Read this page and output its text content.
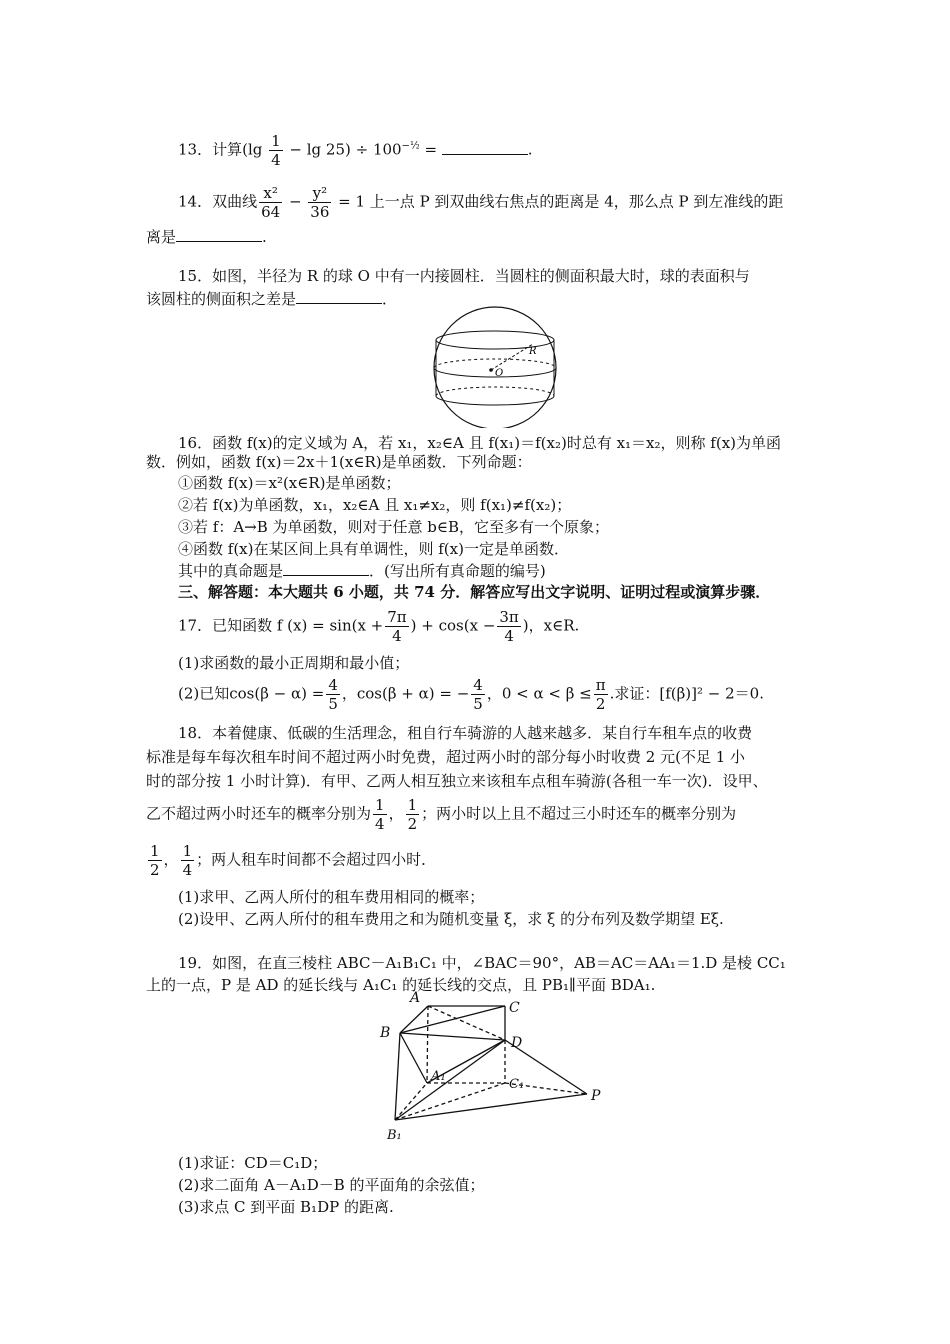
13．计算$(\lg \frac{1}{4} - \lg 25) \div 100^{-\frac{1}{2}}$ =	.
14．双曲线 $\frac{\text{x²}}{64} - \frac{\text{y²}}{36} = 1$ 上一点 P 到双曲线右焦点的距离是 4，那么点 P 到左准线的距
离是	.
15．如图，半径为 R 的球 O 中有一内接圆柱．当圆柱的侧面积最大时，球的表面积与
该圆柱的侧面积之差是	．
R
O
16．函数 f(x)的定义域为 A，若 x₁，x₂∈A 且 f(x₁)＝f(x₂)时总有 x₁＝x₂，则称 f(x)为单函
数．例如，函数 f(x)＝2x＋1(x∈R)是单函数．下列命题：
①函数 f(x)＝x²(x∈R)是单函数；
②若 f(x)为单函数，x₁，x₂∈A 且 x₁≠x₂，则 f(x₁)≠f(x₂)；
③若 f：A→B 为单函数，则对于任意 b∈B，它至多有一个原象；
④函数 f(x)在某区间上具有单调性，则 f(x)一定是单函数．
其中的真命题是	．(写出所有真命题的编号)
三、解答题：本大题共 6 小题，共 74 分．解答应写出文字说明、证明过程或演算步骤．
17．已知函数 f $(x) = \sin(x + \frac{7\pi}{4}$ ) + $\cos(x - \frac{3\pi}{4}$ )，x∈R.
(1)求函数的最小正周期和最小值；
(2)已知$\cos(\beta - \alpha) = \frac{4}{5}$ ，cos(β + α) = − $\frac{4}{5}$ ，$0 < \alpha < \beta \le \frac{\pi}{2}$ .求证：[f(β)]² − 2＝0.
18．本着健康、低碳的生活理念，租自行车骑游的人越来越多．某自行车租车点的收费
标准是每车每次租车时间不超过两小时免费，超过两小时的部分每小时收费 2 元(不足 1 小
时的部分按 1 小时计算)．有甲、乙两人相互独立来该租车点租车骑游(各租一车一次)．设甲、
乙不超过两小时还车的概率分别为 $\frac{1}{4}$ ， $\frac{1}{2}$ ；两小时以上且不超过三小时还车的概率分别为
$\frac{1}{2}$ ， $\frac{1}{4}$ ；两人租车时间都不会超过四小时．
(1)求甲、乙两人所付的租车费用相同的概率；
(2)设甲、乙两人所付的租车费用之和为随机变量 ξ，求 ξ 的分布列及数学期望 Eξ.
19．如图，在直三棱柱 ABC－A₁B₁C₁ 中，∠BAC＝90°，AB＝AC＝AA₁＝1.D 是棱 CC₁
上的一点，P 是 AD 的延长线与 A₁C₁ 的延长线的交点，且 PB₁∥平面 BDA₁.
A
B
C
D
A₁
C₁
B₁
P
(1)求证：CD＝C₁D；
(2)求二面角 A－A₁D－B 的平面角的余弦值；
(3)求点 C 到平面 B₁DP 的距离.
